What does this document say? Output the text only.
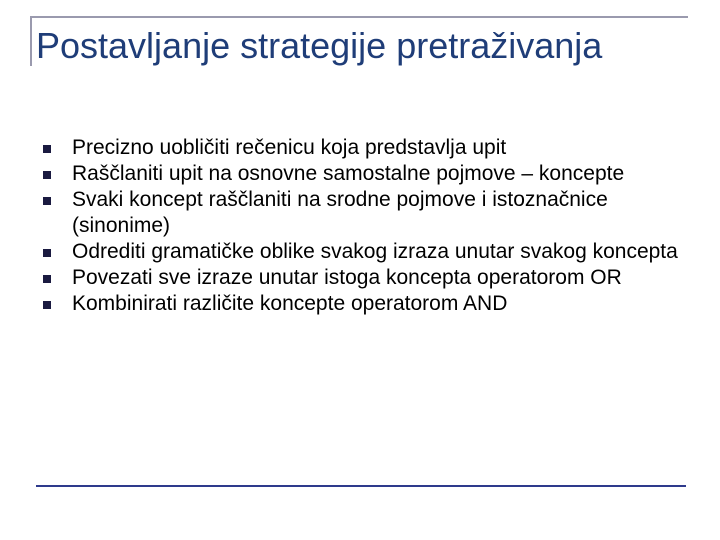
Postavljanje strategije pretraživanja
Precizno uobličiti rečenicu koja predstavlja upit
Raščlaniti upit na osnovne samostalne pojmove – koncepte
Svaki koncept raščlaniti na srodne pojmove i istoznačnice (sinonime)
Odrediti gramatičke oblike svakog izraza unutar svakog koncepta
Povezati sve izraze unutar istoga koncepta operatorom OR
Kombinirati različite koncepte operatorom AND
